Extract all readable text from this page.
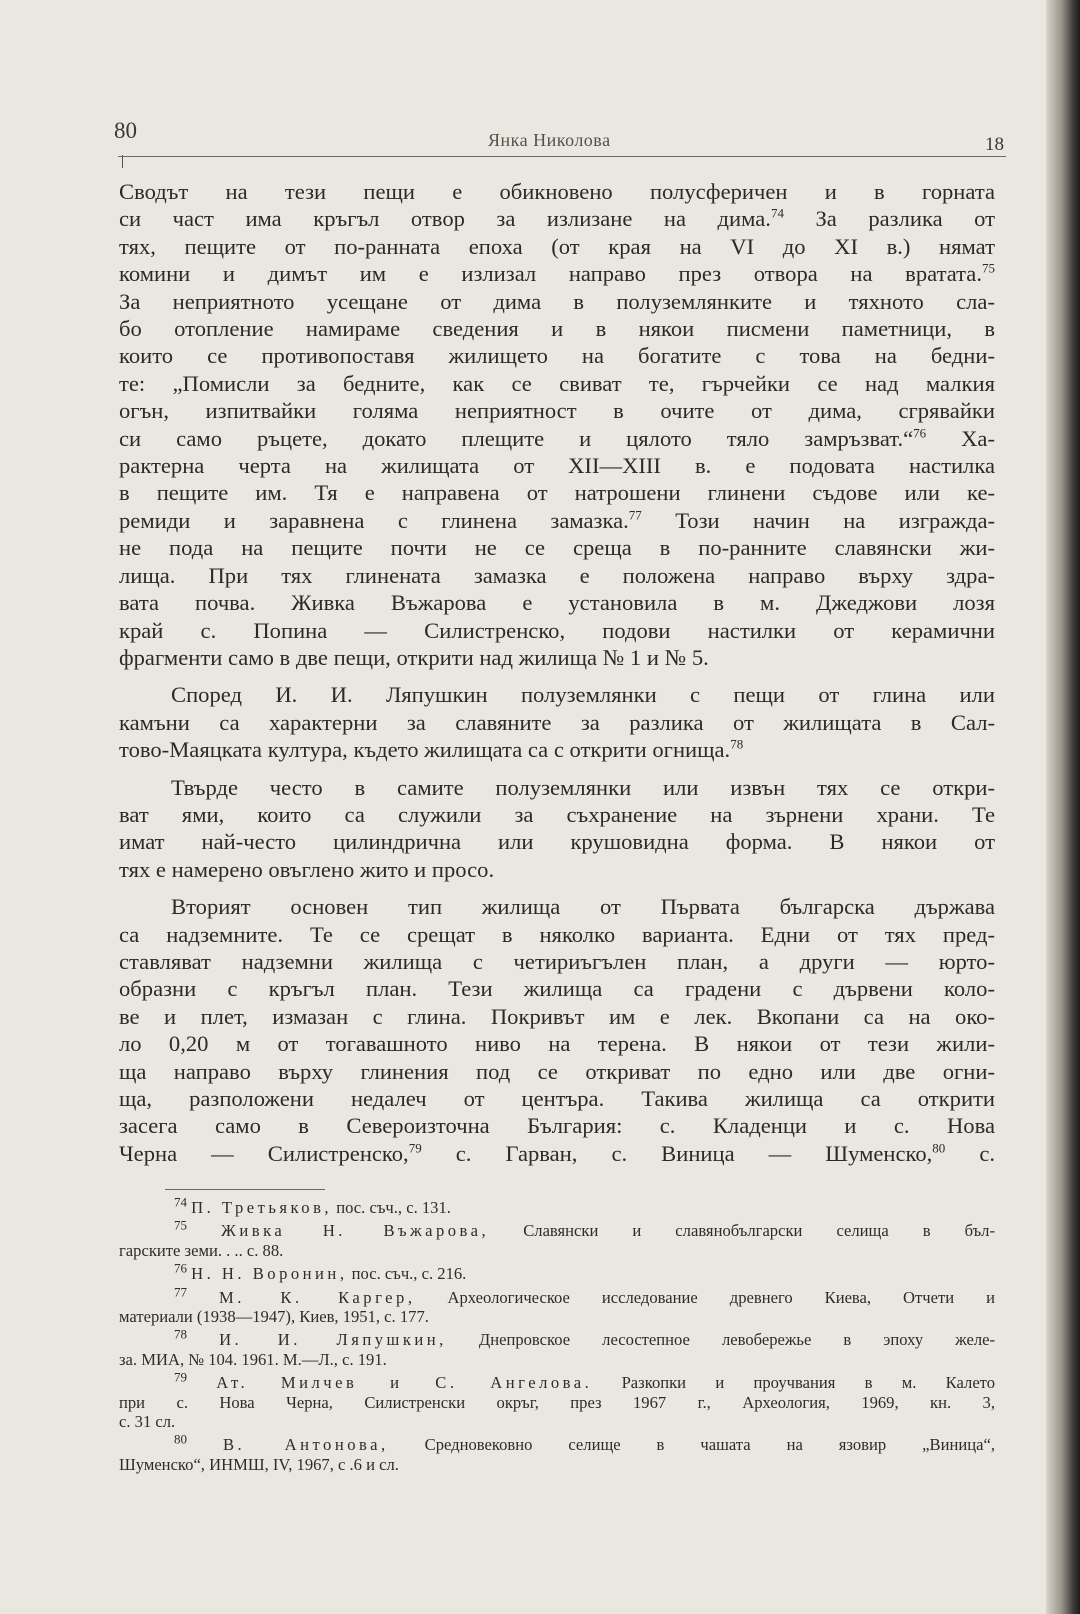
80	Янка Николова	18

Сводът на тези пещи е обикновено полусферичен и в горната

си част има кръгъл отвор за излизане на дима.$^{74}$ За разлика от

тях, пещите от по-ранната епоха (от края на VI до XI в.) нямат

комини и димът им е излизал направо през отвора на вратата.$^{75}$

За неприятното усещане от дима в полуземлянките и тяхното сла-

бо отопление намираме сведения и в някои писмени паметници, в

които се противопоставя жилището на богатите с това на бедни-

те: „Помисли за бедните, как се свиват те, гърчейки се над малкия

огън, изпитвайки голяма неприятност в очите от дима, сгрявайки

си само ръцете, докато плещите и цялото тяло замръзват.“$^{76}$ Ха-

рактерна черта на жилищата от XII—XIII в. е подовата настилка

в пещите им. Тя е направена от натрошени глинени съдове или ке-

ремиди и заравнена с глинена замазка.$^{77}$ Този начин на изгражда-

не пода на пещите почти не се среща в по-ранните славянски жи-

лища. При тях глинената замазка е положена направо върху здра-

вата почва. Живка Въжарова е установила в м. Джеджови лозя

край с. Попина — Силистренско, подови настилки от керамични

фрагменти само в две пещи, открити над жилища № 1 и № 5.

Според И. И. Ляпушкин полуземлянки с пещи от глина или

камъни са характерни за славяните за разлика от жилищата в Сал-

тово-Маяцката култура, където жилищата са с открити огнища.$^{78}$

Твърде често в самите полуземлянки или извън тях се откри-

ват ями, които са служили за съхранение на зърнени храни. Те

имат най-често цилиндрична или крушовидна форма. В някои от

тях е намерено овъглено жито и просо.

Вторият основен тип жилища от Първата българска държава

са надземните. Те се срещат в няколко варианта. Едни от тях пред-

ставляват надземни жилища с четириъгълен план, а други — юрто-

образни с кръгъл план. Тези жилища са градени с дървени коло-

ве и плет, измазан с глина. Покривът им е лек. Вкопани са на око-

ло 0,20 м от тогавашното ниво на терена. В някои от тези жили-

ща направо върху глинения под се откриват по едно или две огни-

ща, разположени недалеч от центъра. Такива жилища са открити

засега само в Североизточна България: с. Кладенци и с. Нова

Черна — Силистренско,$^{79}$ с. Гарван, с. Виница — Шуменско,$^{80}$ с.

$^{74}$ П. Третьяков, пос. съч., с. 131.

$^{75}$ Живка Н. Въжарова, Славянски и славянобългарски селища в бъл-

гарските земи. . .. с. 88.

$^{76}$ Н. Н. Воронин, пос. съч., с. 216.

$^{77}$ М. К. Каргер, Археологическое исследование древнего Киева, Отчети и

материали (1938—1947), Киев, 1951, с. 177.

$^{78}$ И. И. Ляпушкин, Днепровское лесостепное левобережье в эпоху желе-

за. МИА, № 104. 1961. М.—Л., с. 191.

$^{79}$ Ат. Милчев и С. Ангелова. Разкопки и проучвания в м. Калето

при с. Нова Черна, Силистренски окръг, през 1967 г., Археология, 1969, кн. 3,

с. 31 сл.

$^{80}$ В. Антонова, Средновековно селище в чашата на язовир „Виница“,

Шуменско“, ИНМШ, IV, 1967, с .6 и сл.
